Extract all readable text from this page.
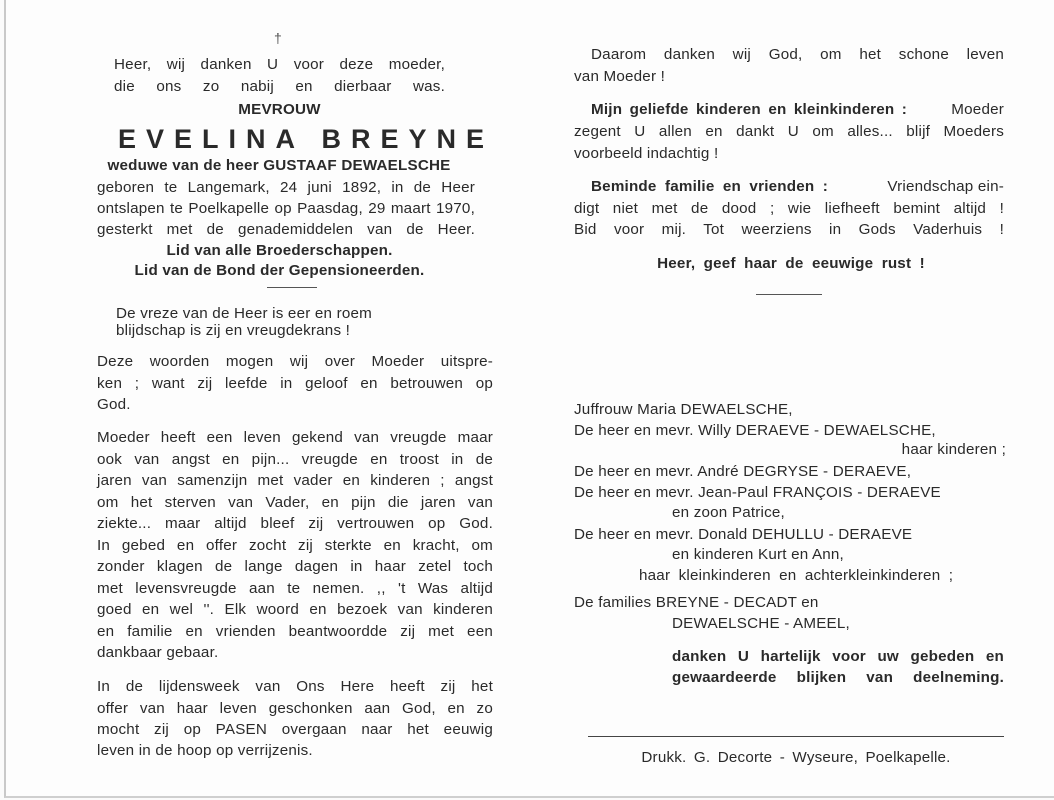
†
Heer, wij danken U voor deze moeder,
die ons zo nabij en dierbaar was.
MEVROUW
EVELINA BREYNE
weduwe van de heer GUSTAAF DEWAELSCHE
geboren te Langemark, 24 juni 1892, in de Heer
ontslapen te Poelkapelle op Paasdag, 29 maart 1970,
gesterkt met de genademiddelen van de Heer.
Lid van alle Broederschappen.
Lid van de Bond der Gepensioneerden.
De vreze van de Heer is eer en roem
blijdschap is zij en vreugdekrans !
Deze woorden mogen wij over Moeder uitspre-
ken ; want zij leefde in geloof en betrouwen op
God.
Moeder heeft een leven gekend van vreugde maar
ook van angst en pijn... vreugde en troost in de
jaren van samenzijn met vader en kinderen ; angst
om het sterven van Vader, en pijn die jaren van
ziekte... maar altijd bleef zij vertrouwen op God.
In gebed en offer zocht zij sterkte en kracht, om
zonder klagen de lange dagen in haar zetel toch
met levensvreugde aan te nemen. ,, 't Was altijd
goed en wel ''. Elk woord en bezoek van kinderen
en familie en vrienden beantwoordde zij met een
dankbaar gebaar.
In de lijdensweek van Ons Here heeft zij het
offer van haar leven geschonken aan God, en zo
mocht zij op PASEN overgaan naar het eeuwig
leven in de hoop op verrijzenis.
Daarom danken wij God, om het schone leven
van Moeder !
Mijn geliefde kinderen en kleinkinderen :	Moeder
zegent U allen en dankt U om alles... blijf Moeders
voorbeeld indachtig !
Beminde familie en vrienden :	Vriendschap ein-
digt niet met de dood ; wie liefheeft bemint altijd !
Bid voor mij. Tot weerziens in Gods Vaderhuis !
Heer, geef haar de eeuwige rust !
Juffrouw Maria DEWAELSCHE,
De heer en mevr. Willy DERAEVE - DEWAELSCHE,
haar kinderen ;
De heer en mevr. André DEGRYSE - DERAEVE,
De heer en mevr. Jean-Paul FRANÇOIS - DERAEVE
en zoon Patrice,
De heer en mevr. Donald DEHULLU - DERAEVE
en kinderen Kurt en Ann,
haar kleinkinderen en achterkleinkinderen ;
De families BREYNE - DECADT en
DEWAELSCHE - AMEEL,
danken U hartelijk voor uw gebeden en
gewaardeerde blijken van deelneming.
Drukk. G. Decorte - Wyseure, Poelkapelle.
